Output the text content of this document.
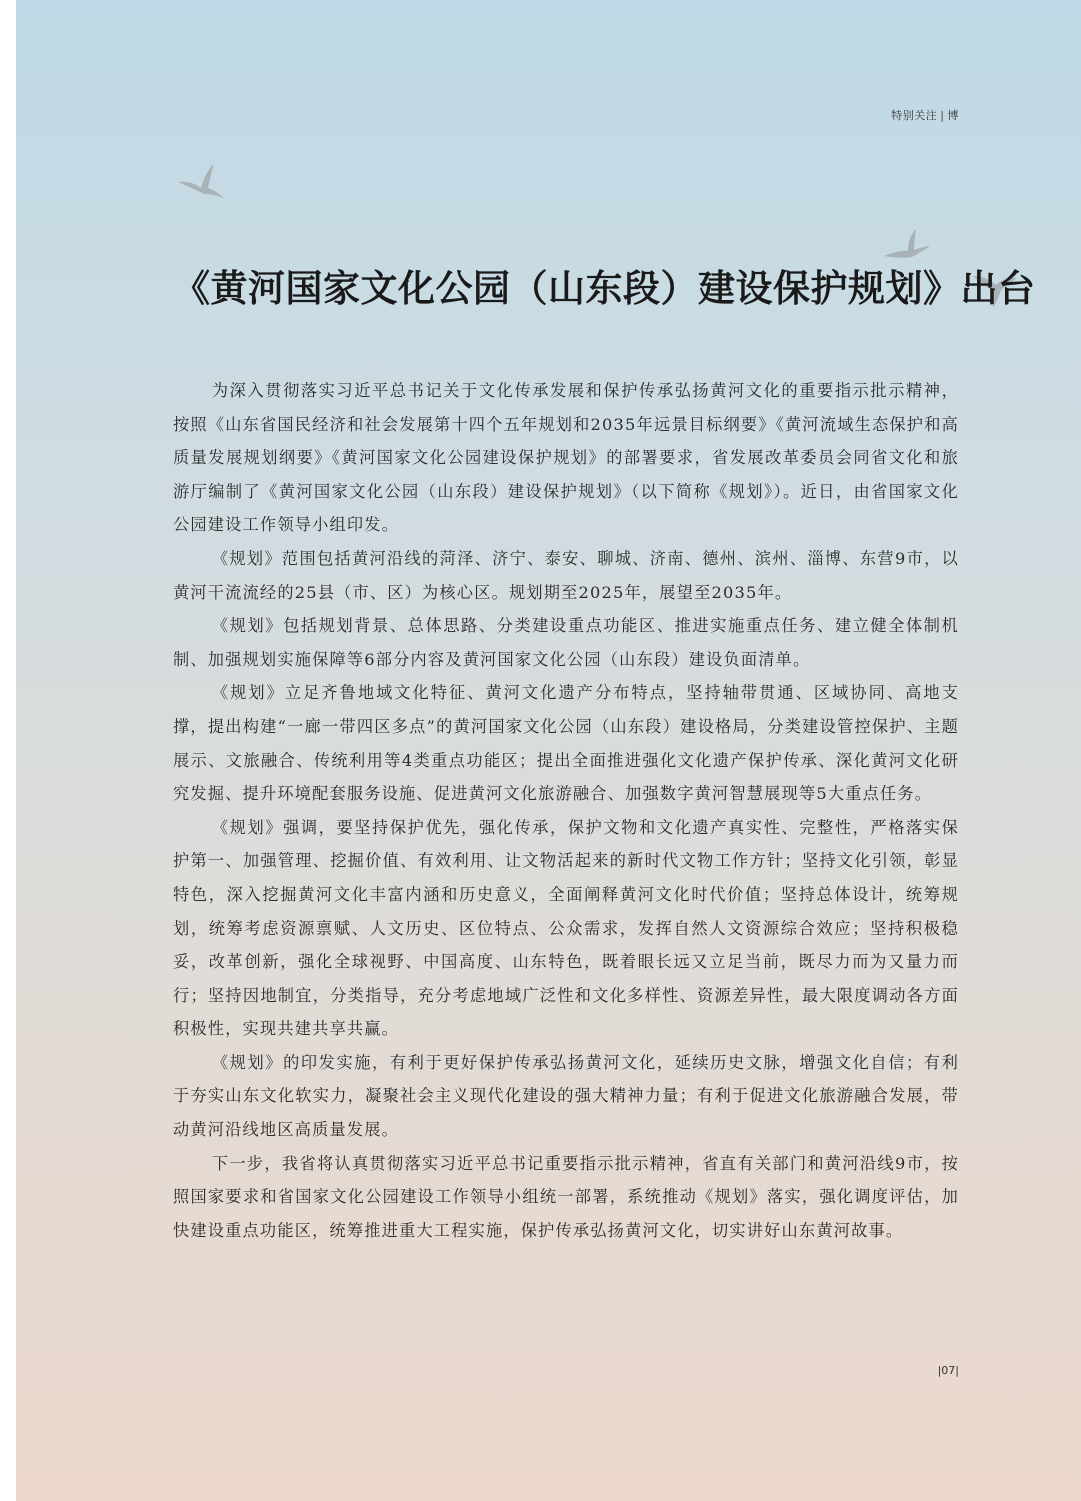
特别关注 | 博
《黄河国家文化公园（山东段）建设保护规划》出台

为深入贯彻落实习近平总书记关于文化传承发展和保护传承弘扬黄河文化的重要指示批示精神，按照《山东省国民经济和社会发展第十四个五年规划和2035年远景目标纲要》《黄河流域生态保护和高质量发展规划纲要》《黄河国家文化公园建设保护规划》的部署要求，省发展改革委员会同省文化和旅游厅编制了《黄河国家文化公园（山东段）建设保护规划》（以下简称《规划》）。近日，由省国家文化公园建设工作领导小组印发。

《规划》范围包括黄河沿线的菏泽、济宁、泰安、聊城、济南、德州、滨州、淄博、东营9市，以黄河干流流经的25县（市、区）为核心区。规划期至2025年，展望至2035年。

《规划》包括规划背景、总体思路、分类建设重点功能区、推进实施重点任务、建立健全体制机制、加强规划实施保障等6部分内容及黄河国家文化公园（山东段）建设负面清单。

《规划》立足齐鲁地域文化特征、黄河文化遗产分布特点，坚持轴带贯通、区域协同、高地支撑，提出构建“一廊一带四区多点”的黄河国家文化公园（山东段）建设格局，分类建设管控保护、主题展示、文旅融合、传统利用等4类重点功能区；提出全面推进强化文化遗产保护传承、深化黄河文化研究发掘、提升环境配套服务设施、促进黄河文化旅游融合、加强数字黄河智慧展现等5大重点任务。

《规划》强调，要坚持保护优先，强化传承，保护文物和文化遗产真实性、完整性，严格落实保护第一、加强管理、挖掘价值、有效利用、让文物活起来的新时代文物工作方针；坚持文化引领，彰显特色，深入挖掘黄河文化丰富内涵和历史意义，全面阐释黄河文化时代价值；坚持总体设计，统筹规划，统筹考虑资源禀赋、人文历史、区位特点、公众需求，发挥自然人文资源综合效应；坚持积极稳妥，改革创新，强化全球视野、中国高度、山东特色，既着眼长远又立足当前，既尽力而为又量力而行；坚持因地制宜，分类指导，充分考虑地域广泛性和文化多样性、资源差异性，最大限度调动各方面积极性，实现共建共享共赢。

《规划》的印发实施，有利于更好保护传承弘扬黄河文化，延续历史文脉，增强文化自信；有利于夯实山东文化软实力，凝聚社会主义现代化建设的强大精神力量；有利于促进文化旅游融合发展，带动黄河沿线地区高质量发展。

下一步，我省将认真贯彻落实习近平总书记重要指示批示精神，省直有关部门和黄河沿线9市，按照国家要求和省国家文化公园建设工作领导小组统一部署，系统推动《规划》落实，强化调度评估，加快建设重点功能区，统筹推进重大工程实施，保护传承弘扬黄河文化，切实讲好山东黄河故事。

|07|
